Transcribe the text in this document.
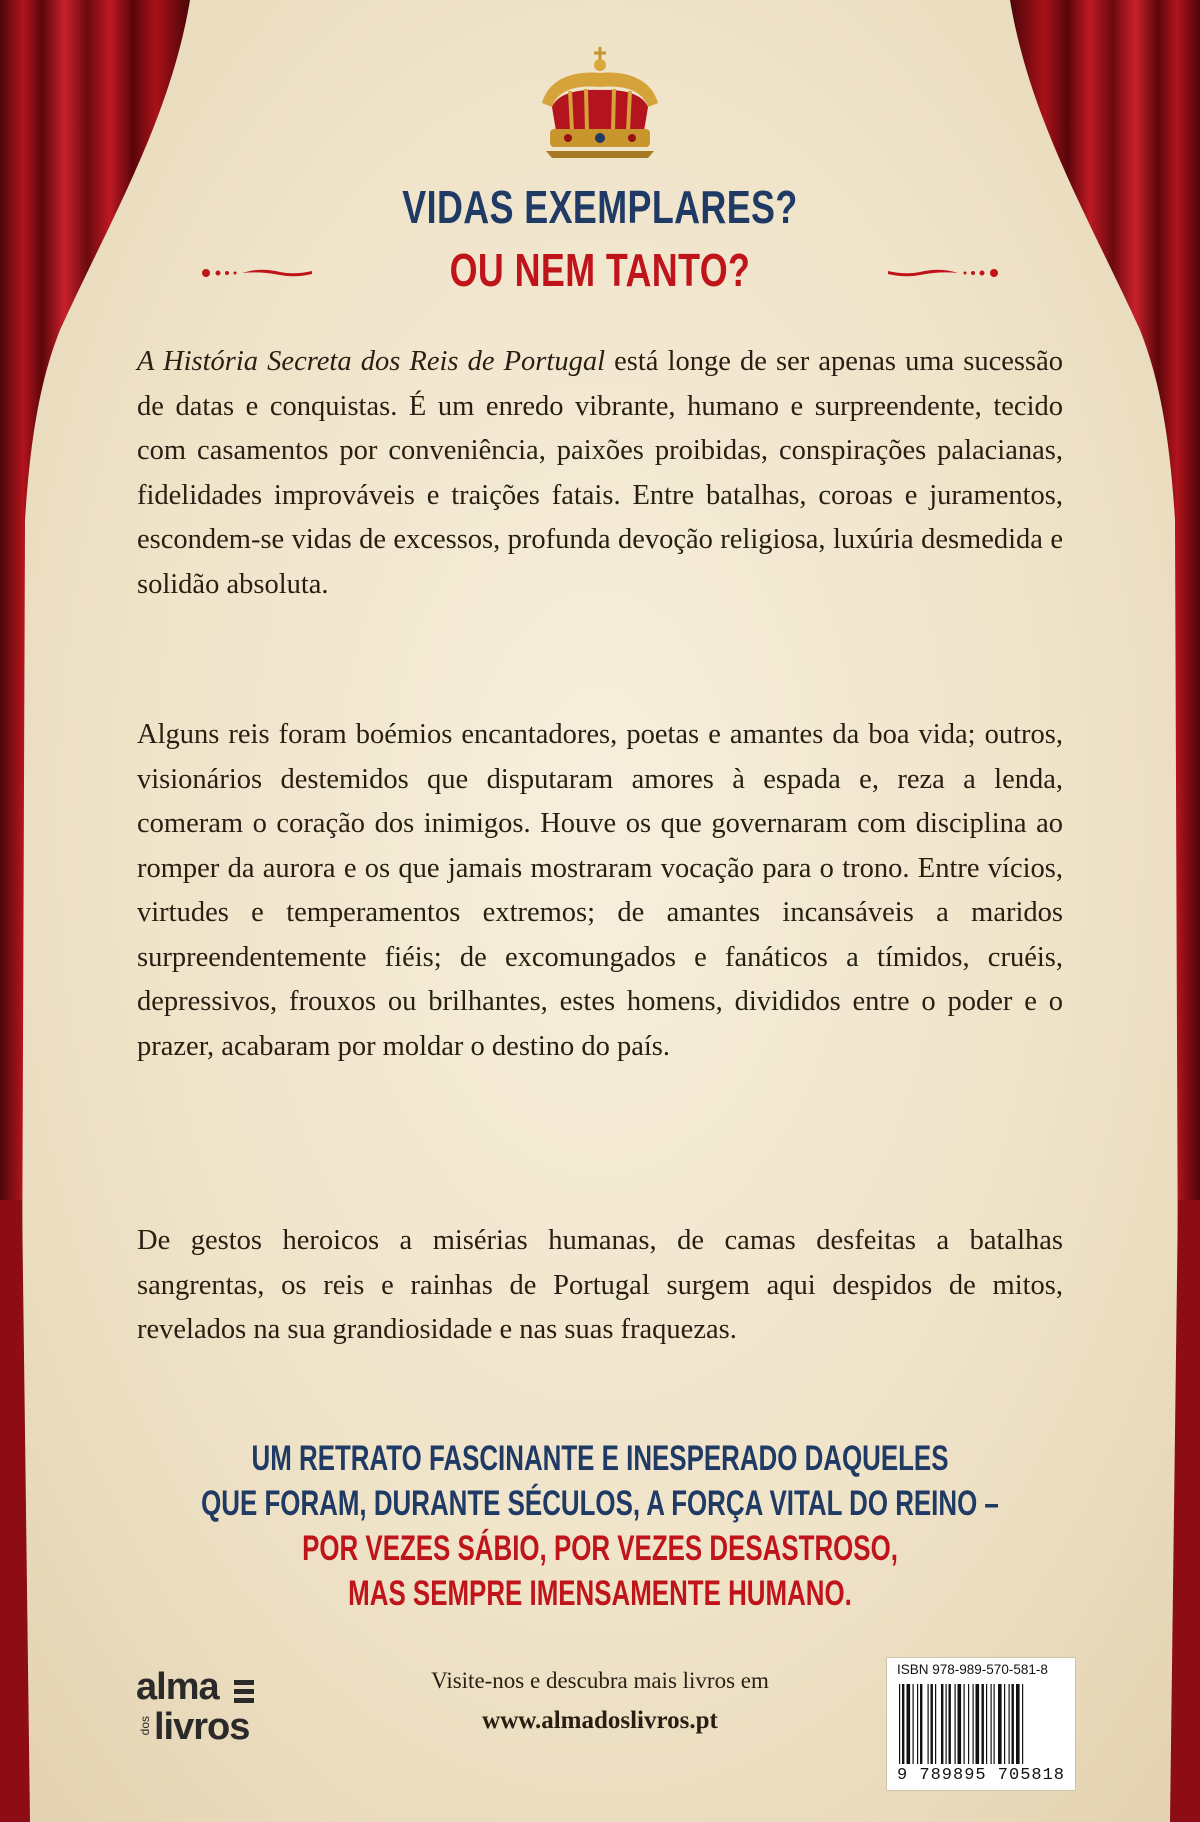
VIDAS EXEMPLARES?
OU NEM TANTO?

A História Secreta dos Reis de Portugal está longe de ser apenas uma sucessão de datas e conquistas. É um enredo vibrante, humano e surpreendente, tecido com casamentos por conveniência, paixões proibidas, conspirações palacianas, fidelidades improváveis e traições fatais. Entre batalhas, coroas e juramentos, escondem-se vidas de excessos, profunda devoção religiosa, luxúria desmedida e solidão absoluta.

Alguns reis foram boémios encantadores, poetas e amantes da boa vida; outros, visionários destemidos que disputaram amores à espada e, reza a lenda, comeram o coração dos inimigos. Houve os que governaram com disciplina ao romper da aurora e os que jamais mostraram vocação para o trono. Entre vícios, virtudes e temperamentos extremos; de amantes incansáveis a maridos surpreendentemente fiéis; de excomungados e fanáticos a tímidos, cruéis, depressivos, frouxos ou brilhantes, estes homens, divididos entre o poder e o prazer, acabaram por moldar o destino do país.

De gestos heroicos a misérias humanas, de camas desfeitas a batalhas sangrentas, os reis e rainhas de Portugal surgem aqui despidos de mitos, revelados na sua grandiosidade e nas suas fraquezas.

UM RETRATO FASCINANTE E INESPERADO DAQUELES
QUE FORAM, DURANTE SÉCULOS, A FORÇA VITAL DO REINO –
POR VEZES SÁBIO, POR VEZES DESASTROSO,
MAS SEMPRE IMENSAMENTE HUMANO.
alma
dos livros
Visite-nos e descubra mais livros em
www.almadoslivros.pt
ISBN 978-989-570-581-8
9 789895 705818
